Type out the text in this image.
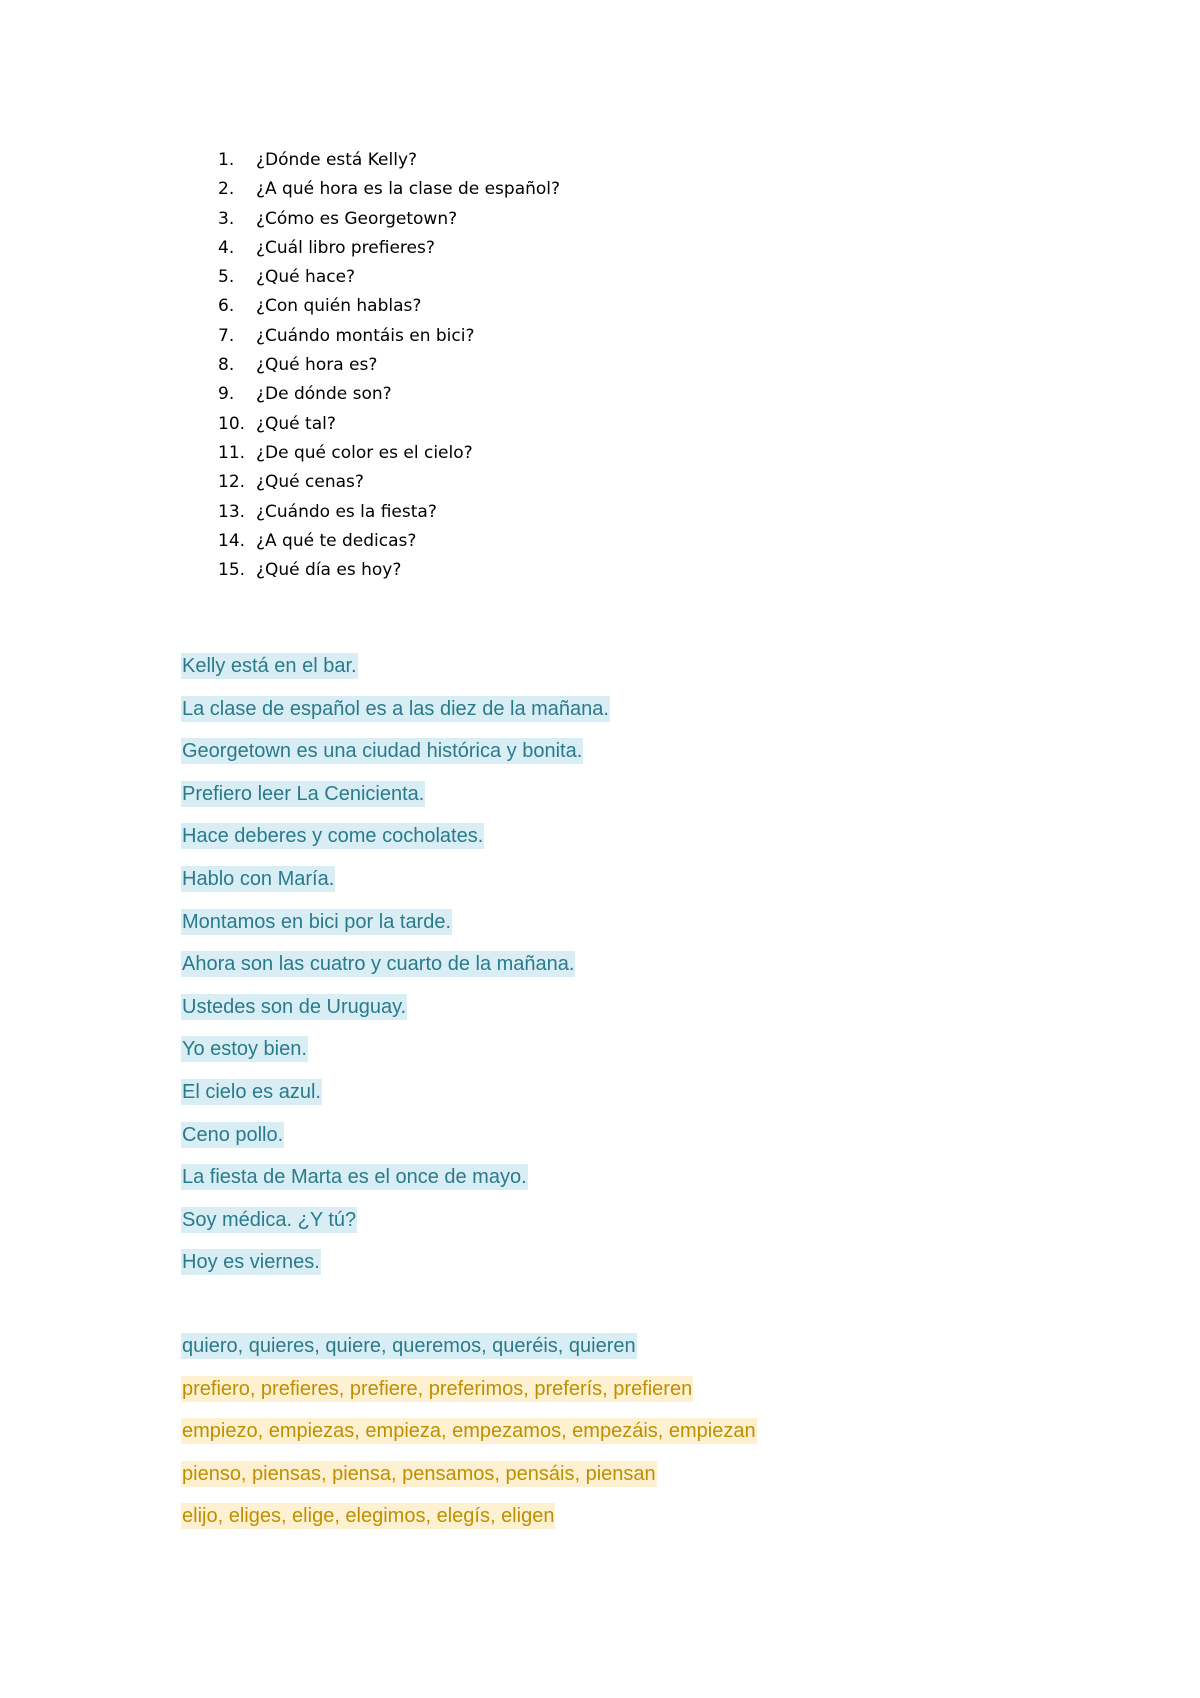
1. ¿Dónde está Kelly?
2. ¿A qué hora es la clase de español?
3. ¿Cómo es Georgetown?
4. ¿Cuál libro prefieres?
5. ¿Qué hace?
6. ¿Con quién hablas?
7. ¿Cuándo montáis en bici?
8. ¿Qué hora es?
9. ¿De dónde son?
10. ¿Qué tal?
11. ¿De qué color es el cielo?
12. ¿Qué cenas?
13. ¿Cuándo es la fiesta?
14. ¿A qué te dedicas?
15. ¿Qué día es hoy?
Kelly está en el bar.
La clase de español es a las diez de la mañana.
Georgetown es una ciudad histórica y bonita.
Prefiero leer La Cenicienta.
Hace deberes y come cocholates.
Hablo con María.
Montamos en bici por la tarde.
Ahora son las cuatro y cuarto de la mañana.
Ustedes son de Uruguay.
Yo estoy bien.
El cielo es azul.
Ceno pollo.
La fiesta de Marta es el once de mayo.
Soy médica. ¿Y tú?
Hoy es viernes.
quiero, quieres, quiere, queremos, queréis, quieren
prefiero, prefieres, prefiere, preferimos, preferís, prefieren
empiezo, empiezas, empieza, empezamos, empezáis, empiezan
pienso, piensas, piensa, pensamos, pensáis, piensan
elijo, eliges, elige, elegimos, elegís, eligen
